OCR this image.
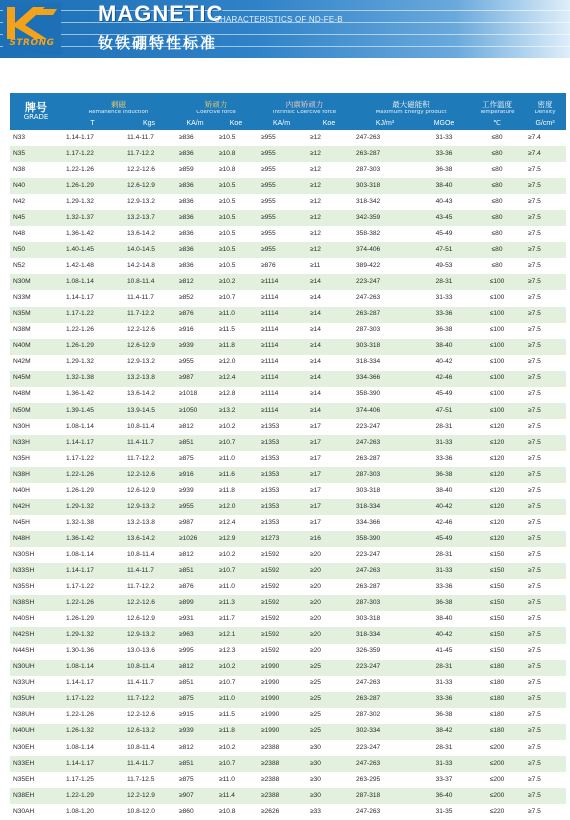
STRONG
MAGNETIC
CHARACTERISTICS OF ND-FE-B
钕铁硼特性标准
牌号
GRADE	剩磁
Remanence induction		矫顽力
Coercive force		内禀矫顽力
Intrinsic Coercive force		最大磁能积
Maximum Energy product		工作温度
Temperature	密度
Density

	T	Kgs	KA/m	Koe	KA/m	Koe	KJ/m³	MGOe	℃	G/cm³
N33	1.14-1.17	11.4-11.7	≥836	≥10.5	≥955	≥12	247-263	31-33	≤80	≥7.4
N35	1.17-1.22	11.7-12.2	≥836	≥10.8	≥955	≥12	263-287	33-36	≤80	≥7.4
N38	1.22-1.26	12.2-12.6	≥859	≥10.8	≥955	≥12	287-303	36-38	≤80	≥7.5
N40	1.26-1.29	12.6-12.9	≥836	≥10.5	≥955	≥12	303-318	38-40	≤80	≥7.5
N42	1.29-1.32	12.9-13.2	≥836	≥10.5	≥955	≥12	318-342	40-43	≤80	≥7.5
N45	1.32-1.37	13.2-13.7	≥836	≥10.5	≥955	≥12	342-359	43-45	≤80	≥7.5
N48	1.36-1.42	13.6-14.2	≥836	≥10.5	≥955	≥12	358-382	45-49	≤80	≥7.5
N50	1.40-1.45	14.0-14.5	≥836	≥10.5	≥955	≥12	374-406	47-51	≤80	≥7.5
N52	1.42-1.48	14.2-14.8	≥836	≥10.5	≥876	≥11	389-422	49-53	≤80	≥7.5
N30M	1.08-1.14	10.8-11.4	≥812	≥10.2	≥1114	≥14	223-247	28-31	≤100	≥7.5
N33M	1.14-1.17	11.4-11.7	≥852	≥10.7	≥1114	≥14	247-263	31-33	≤100	≥7.5
N35M	1.17-1.22	11.7-12.2	≥876	≥11.0	≥1114	≥14	263-287	33-36	≤100	≥7.5
N38M	1.22-1.26	12.2-12.6	≥916	≥11.5	≥1114	≥14	287-303	36-38	≤100	≥7.5
N40M	1.26-1.29	12.6-12.9	≥939	≥11.8	≥1114	≥14	303-318	38-40	≤100	≥7.5
N42M	1.29-1.32	12.9-13.2	≥955	≥12.0	≥1114	≥14	318-334	40-42	≤100	≥7.5
N45M	1.32-1.38	13.2-13.8	≥987	≥12.4	≥1114	≥14	334-366	42-46	≤100	≥7.5
N48M	1.36-1.42	13.6-14.2	≥1018	≥12.8	≥1114	≥14	358-390	45-49	≤100	≥7.5
N50M	1.39-1.45	13.9-14.5	≥1050	≥13.2	≥1114	≥14	374-406	47-51	≤100	≥7.5
N30H	1.08-1.14	10.8-11.4	≥812	≥10.2	≥1353	≥17	223-247	28-31	≤120	≥7.5
N33H	1.14-1.17	11.4-11.7	≥851	≥10.7	≥1353	≥17	247-263	31-33	≤120	≥7.5
N35H	1.17-1.22	11.7-12.2	≥875	≥11.0	≥1353	≥17	263-287	33-36	≤120	≥7.5
N38H	1.22-1.26	12.2-12.6	≥916	≥11.6	≥1353	≥17	287-303	36-38	≤120	≥7.5
N40H	1.26-1.29	12.6-12.9	≥939	≥11.8	≥1353	≥17	303-318	38-40	≤120	≥7.5
N42H	1.29-1.32	12.9-13.2	≥955	≥12.0	≥1353	≥17	318-334	40-42	≤120	≥7.5
N45H	1.32-1.38	13.2-13.8	≥987	≥12.4	≥1353	≥17	334-366	42-46	≤120	≥7.5
N48H	1.36-1.42	13.6-14.2	≥1026	≥12.9	≥1273	≥16	358-390	45-49	≤120	≥7.5
N30SH	1.08-1.14	10.8-11.4	≥812	≥10.2	≥1592	≥20	223-247	28-31	≤150	≥7.5
N33SH	1.14-1.17	11.4-11.7	≥851	≥10.7	≥1592	≥20	247-263	31-33	≤150	≥7.5
N35SH	1.17-1.22	11.7-12.2	≥876	≥11.0	≥1592	≥20	263-287	33-36	≤150	≥7.5
N38SH	1.22-1.26	12.2-12.6	≥899	≥11.3	≥1592	≥20	287-303	36-38	≤150	≥7.5
N40SH	1.26-1.29	12.6-12.9	≥931	≥11.7	≥1592	≥20	303-318	38-40	≤150	≥7.5
N42SH	1.29-1.32	12.9-13.2	≥963	≥12.1	≥1592	≥20	318-334	40-42	≤150	≥7.5
N44SH	1.30-1.36	13.0-13.6	≥995	≥12.3	≥1592	≥20	326-359	41-45	≤150	≥7.5
N30UH	1.08-1.14	10.8-11.4	≥812	≥10.2	≥1990	≥25	223-247	28-31	≤180	≥7.5
N33UH	1.14-1.17	11.4-11.7	≥851	≥10.7	≥1990	≥25	247-263	31-33	≤180	≥7.5
N35UH	1.17-1.22	11.7-12.2	≥875	≥11.0	≥1990	≥25	263-287	33-36	≤180	≥7.5
N38UH	1.22-1.26	12.2-12.6	≥915	≥11.5	≥1990	≥25	287-302	36-38	≤180	≥7.5
N40UH	1.26-1.32	12.6-13.2	≥939	≥11.8	≥1990	≥25	302-334	38-42	≤180	≥7.5
N30EH	1.08-1.14	10.8-11.4	≥812	≥10.2	≥2388	≥30	223-247	28-31	≤200	≥7.5
N33EH	1.14-1.17	11.4-11.7	≥851	≥10.7	≥2388	≥30	247-263	31-33	≤200	≥7.5
N35EH	1.17-1.25	11.7-12.5	≥875	≥11.0	≥2388	≥30	263-295	33-37	≤200	≥7.5
N38EH	1.22-1.29	12.2-12.9	≥907	≥11.4	≥2388	≥30	287-318	36-40	≤200	≥7.5
N30AH	1.08-1.20	10.8-12.0	≥860	≥10.8	≥2626	≥33	247-263	31-35	≤220	≥7.5
